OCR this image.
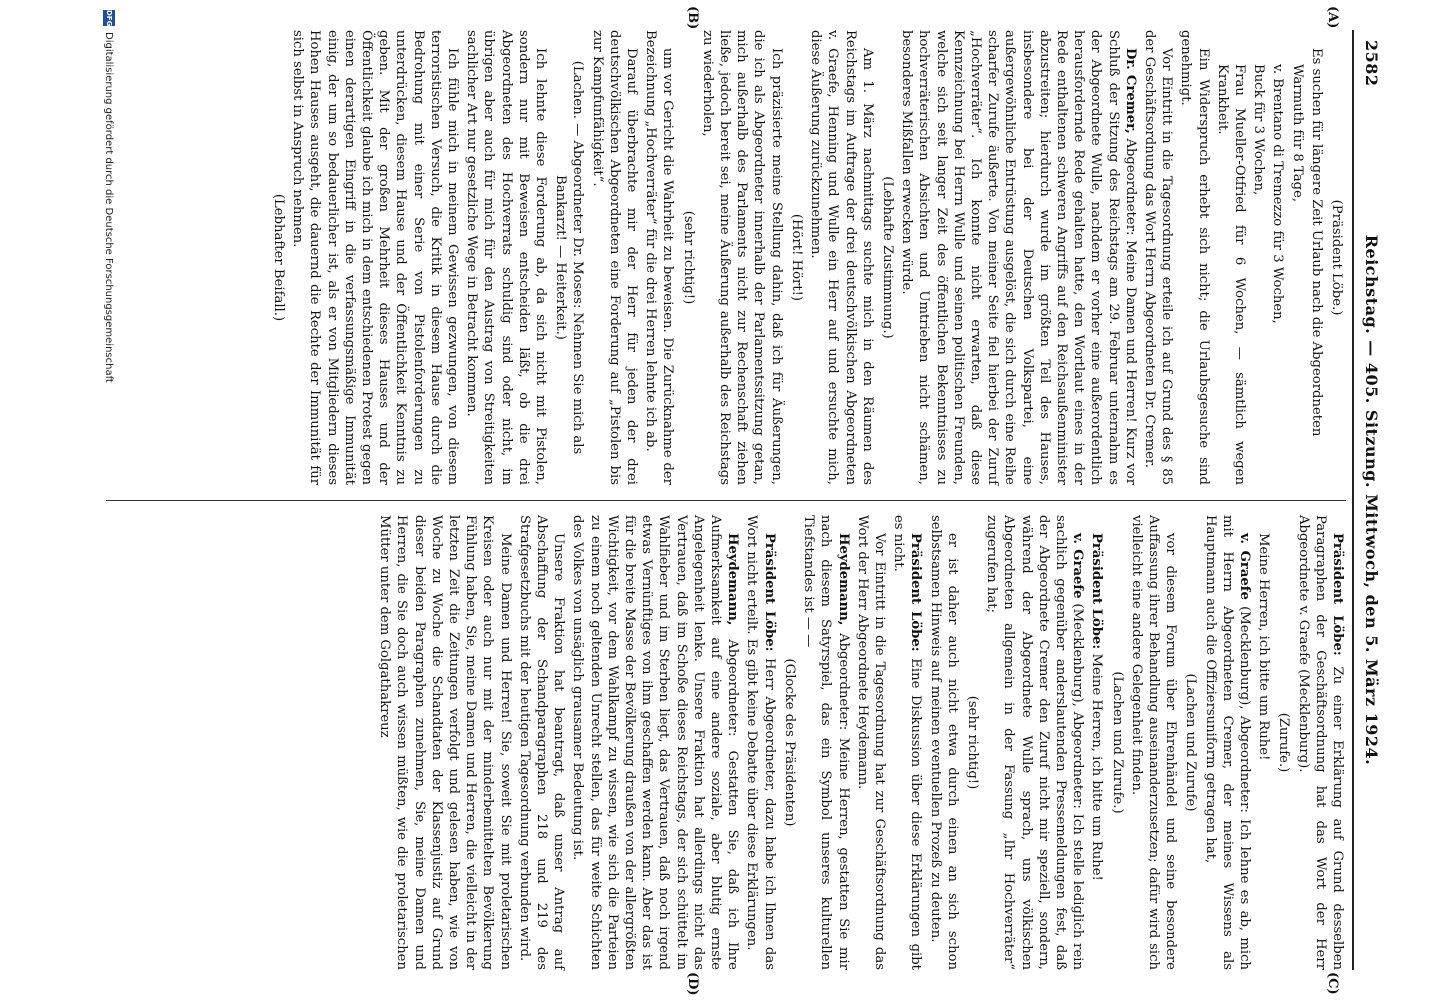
2582
Reichstag. — 405. Sitzung. Mittwoch, den 5. März 1924.
(A)
(B)
(C)
(D)

(Präsident Löbe.)

Es suchen für längere Zeit Urlaub nach die Abgeordneten

Warmuth für 8 Tage,

v. Brentano di Tremezzo für 3 Wochen,

Buck für 3 Wochen,

Frau Mueller-Otfried für 6 Wochen, — sämtlich wegen Krankheit.

Ein Widerspruch erhebt sich nicht; die Urlaubsgesuche sind genehmigt.

Vor Eintritt in die Tagesordnung erteile ich auf Grund des § 85 der Geschäftsordnung das Wort Herrn Abgeordneten Dr. Cremer.

Dr. Cremer, Abgeordneter: Meine Damen und Herren! Kurz vor Schluß der Sitzung des Reichstags am 29. Februar unternahm es der Abgeordnete Wulle, nachdem er vorher eine außerordentlich herausfordernde Rede gehalten hatte, den Wortlaut eines in der Rede enthaltenen schweren Angriffs auf den Reichsaußenminister abzustreiten; hierdurch wurde im größten Teil des Hauses, insbesondere bei der Deutschen Volkspartei, eine außergewöhnliche Entrüstung ausgelöst, die sich durch eine Reihe scharfer Zurufe äußerte. Von meiner Seite fiel hierbei der Zuruf „Hochverräter“. Ich konnte nicht erwarten, daß diese Kennzeichnung bei Herrn Wulle und seinen politischen Freunden, welche sich seit langer Zeit des öffentlichen Bekenntnisses zu hochverräterischen Absichten und Umtrieben nicht schämen, besonderes Mißfallen erwecken würde.

(Lebhafte Zustimmung.)

Am 1. März nachmittags suchte mich in den Räumen des Reichstags im Auftrage der drei deutschvölkischen Abgeordneten v. Graefe, Henning und Wulle ein Herr auf und ersuchte mich, diese Äußerung zurückzunehmen.

(Hört! Hört!)

Ich präzisierte meine Stellung dahin, daß ich für Äußerungen, die ich als Abgeordneter innerhalb der Parlamentssitzung getan, mich außerhalb des Parlaments nicht zur Rechenschaft ziehen ließe, jedoch bereit sei, meine Äußerung außerhalb des Reichstags zu wiederholen,

(sehr richtig!)

um vor Gericht die Wahrheit zu beweisen. Die Zurücknahme der Bezeichnung „Hochverräter“ für die drei Herren lehnte ich ab.

Darauf überbrachte mir der Herr für jeden der drei deutschvölkischen Abgeordneten eine Forderung auf „Pistolen bis zur Kampfunfähigkeit“.

(Lachen. — Abgeordneter Dr. Moses: Nehmen Sie mich als Bankarzt! — Heiterkeit.)

Ich lehnte diese Forderung ab, da sich nicht mit Pistolen, sondern nur mit Beweisen entscheiden läßt, ob die drei Abgeordneten des Hochverrats schuldig sind oder nicht, im übrigen aber auch für mich für den Austrag von Streitigkeiten sachlicher Art nur gesetzliche Wege in Betracht kommen.

Ich fühle mich in meinem Gewissen gezwungen, von diesem terroristischen Versuch, die Kritik in diesem Hause durch die Bedrohung mit einer Serie von Pistolenforderungen zu unterdrücken, diesem Hause und der Öffentlichkeit Kenntnis zu geben. Mit der großen Mehrheit dieses Hauses und der Öffentlichkeit glaube ich mich in dem entschiedenen Protest gegen einen derartigen Eingriff in die verfassungsmäßige Immunität einig, der um so bedauerlicher ist, als er von Mitgliedern dieses Hohen Hauses ausgeht, die dauernd die Rechte der Immunität für sich selbst in Anspruch nehmen.

(Lebhafter Beifall.)

Präsident Löbe: Zu einer Erklärung auf Grund desselben Paragraphen der Geschäftsordnung hat das Wort der Herr Abgeordnete v. Graefe (Mecklenburg).

(Zurufe.)

Meine Herren, ich bitte um Ruhe!

v. Graefe (Mecklenburg), Abgeordneter: Ich lehne es ab, mich mit Herrn Abgeordneten Cremer, der meines Wissens als Hauptmann auch die Offiziersuniform getragen hat,

(Lachen und Zurufe)

vor diesem Forum über Ehrenhändel und seine besondere Auffassung ihrer Behandlung auseinanderzusetzen; dafür wird sich vielleicht eine andere Gelegenheit finden.

(Lachen und Zurufe.)

Präsident Löbe: Meine Herren, ich bitte um Ruhe!

v. Graefe (Mecklenburg), Abgeordneter: Ich stelle lediglich rein sachlich gegenüber anderslautenden Pressemeldungen fest, daß der Abgeordnete Cremer den Zuruf nicht mir speziell, sondern, während der Abgeordnete Wulle sprach, uns völkischen Abgeordneten allgemein in der Fassung „Ihr Hochverräter“ zugerufen hat;

(sehr richtig!)

er ist daher auch nicht etwa durch einen an sich schon selbstsamen Hinweis auf meinen eventuellen Prozeß zu deuten.

Präsident Löbe: Eine Diskussion über diese Erklärungen gibt es nicht.

Vor Eintritt in die Tagesordnung hat zur Geschäftsordnung das Wort der Herr Abgeordnete Heydemann.

Heydemann, Abgeordneter: Meine Herren, gestatten Sie mir nach diesem Satyrspiel, das ein Symbol unseres kulturellen Tiefstandes ist — —

(Glocke des Präsidenten)

Präsident Löbe: Herr Abgeordneter, dazu habe ich Ihnen das Wort nicht erteilt. Es gibt keine Debatte über diese Erklärungen.

Heydemann, Abgeordneter: Gestatten Sie, daß ich Ihre Aufmerksamkeit auf eine andere soziale, aber blutig ernste Angelegenheit lenke. Unsere Fraktion hat allerdings nicht das Vertrauen, daß im Schoße dieses Reichstags, der sich schüttelt im Wahlfieber und im Sterben liegt, das Vertrauen, daß noch irgend etwas Vernünftiges von ihm geschaffen werden kann. Aber das ist für die breite Masse der Bevölkerung draußen von der allergrößten Wichtigkeit, vor dem Wahlkampf zu wissen, wie sich die Parteien zu einem noch geltenden Unrecht stellen, das für weite Schichten des Volkes von unsäglich grausamer Bedeutung ist.

Unsere Fraktion hat beantragt, daß unser Antrag auf Abschaffung der Schandparagraphen 218 und 219 des Strafgesetzbuchs mit der heutigen Tagesordnung verbunden wird.

Meine Damen und Herren! Sie, soweit Sie mit proletarischen Kreisen oder auch nur mit der minderbemittelten Bevölkerung Fühlung haben, Sie, meine Damen und Herren, die vielleicht in der letzten Zeit die Zeitungen verfolgt und gelesen haben, wie von Woche zu Woche die Schandtaten der Klassenjustiz auf Grund dieser beiden Paragraphen zunehmen, Sie, meine Damen und Herren, die Sie doch auch wissen müßten, wie die proletarischen Mütter unter dem Golgathakreuz

DFG
Digitalisierung gefördert durch die Deutsche Forschungsgemeinschaft
